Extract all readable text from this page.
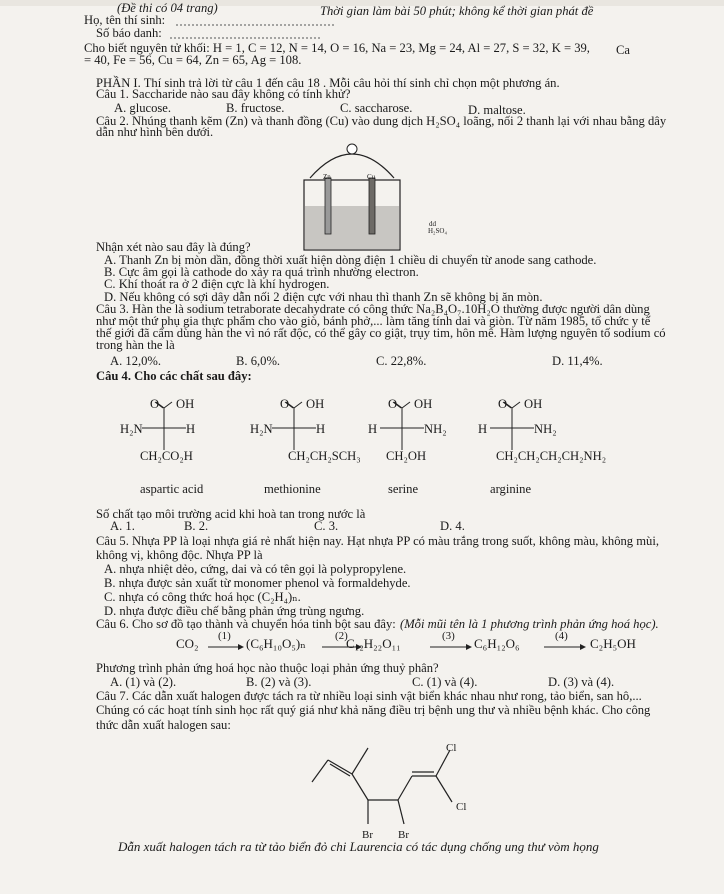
(Đề thi có 04 trang)	Thời gian làm bài 50 phút; không kể thời gian phát đề
Họ, tên thí sinh:
Số báo danh:
Cho biết nguyên tử khối: H = 1, C = 12, N = 14, O = 16, Na = 23, Mg = 24, Al = 27, S = 32, K = 39, Ca
= 40, Fe = 56, Cu = 64, Zn = 65, Ag = 108.
PHẦN I. Thí sinh trả lời từ câu 1 đến câu 18 . Mỗi câu hỏi thí sinh chỉ chọn một phương án.
Câu 1. Saccharide nào sau đây không có tính khử?
A. glucose.	B. fructose.	C. saccharose.	D. maltose.
Câu 2. Nhúng thanh kẽm (Zn) và thanh đồng (Cu) vào dung dịch H₂SO₄ loãng, nối 2 thanh lại với nhau bằng dây
dẫn như hình bên dưới.
Zn	Cu
dd
H₂SO₄
Nhận xét nào sau đây là đúng?
A. Thanh Zn bị mòn dần, đồng thời xuất hiện dòng điện 1 chiều di chuyển từ anode sang cathode.
B. Cực âm gọi là cathode do xảy ra quá trình nhường electron.
C. Khí thoát ra ở 2 điện cực là khí hydrogen.
D. Nếu không có sợi dây dẫn nối 2 điện cực với nhau thì thanh Zn sẽ không bị ăn mòn.
Câu 3. Hàn the là sodium tetraborate decahydrate có công thức Na₂B₄O₇.10H₂O thường được người dân dùng
như một thứ phụ gia thực phẩm cho vào giò, bánh phở,... làm tăng tính dai và giòn. Từ năm 1985, tổ chức y tế
thế giới đã cấm dùng hàn the vì nó rất độc, có thể gây co giật, trụy tim, hôn mê. Hàm lượng nguyên tố sodium có
trong hàn the là
A. 12,0%.	B. 6,0%.	C. 22,8%.	D. 11,4%.
Câu 4. Cho các chất sau đây:
O OH
H₂N	H
CH₂CO₂H
aspartic acid
O OH
H₂N	H
CH₂CH₂SCH₃
methionine
O OH
H	NH₂
CH₂OH
serine
O OH
H	NH₂
CH₂CH₂CH₂CH₂NH₂
arginine
Số chất tạo môi trường acid khi hoà tan trong nước là
A. 1.	B. 2.	C. 3.	D. 4.
Câu 5. Nhựa PP là loại nhựa giá rẻ nhất hiện nay. Hạt nhựa PP có màu trắng trong suốt, không màu, không mùi,
không vị, không độc. Nhựa PP là
A. nhựa nhiệt dẻo, cứng, dai và có tên gọi là polypropylene.
B. nhựa được sản xuất từ monomer phenol và formaldehyde.
C. nhựa có công thức hoá học (C₂H₄)ₙ.
D. nhựa được điều chế bằng phản ứng trùng ngưng.
Câu 6. Cho sơ đồ tạo thành và chuyển hóa tinh bột sau đây: (Mỗi mũi tên là 1 phương trình phản ứng hoá học).
CO₂ (1) (C₆H₁₀O₅)ₙ	(2)
C₁₂H₂₂O₁₁	(3) C₆H₁₂O₆	(4) C₂H₅OH
Phương trình phản ứng hoá học nào thuộc loại phản ứng thuỷ phân?
A. (1) và (2).	B. (2) và (3).	C. (1) và (4).	D. (3) và (4).
Câu 7. Các dẫn xuất halogen được tách ra từ nhiều loại sinh vật biển khác nhau như rong, tảo biển, san hô,...
Chúng có các hoạt tính sinh học rất quý giá như khả năng điều trị bệnh ung thư và nhiều bệnh khác. Cho công
thức dẫn xuất halogen sau:
Cl
Cl
Br Br
Dẫn xuất halogen tách ra từ tảo biển đỏ chi Laurencia có tác dụng chống ung thư vòm họng
